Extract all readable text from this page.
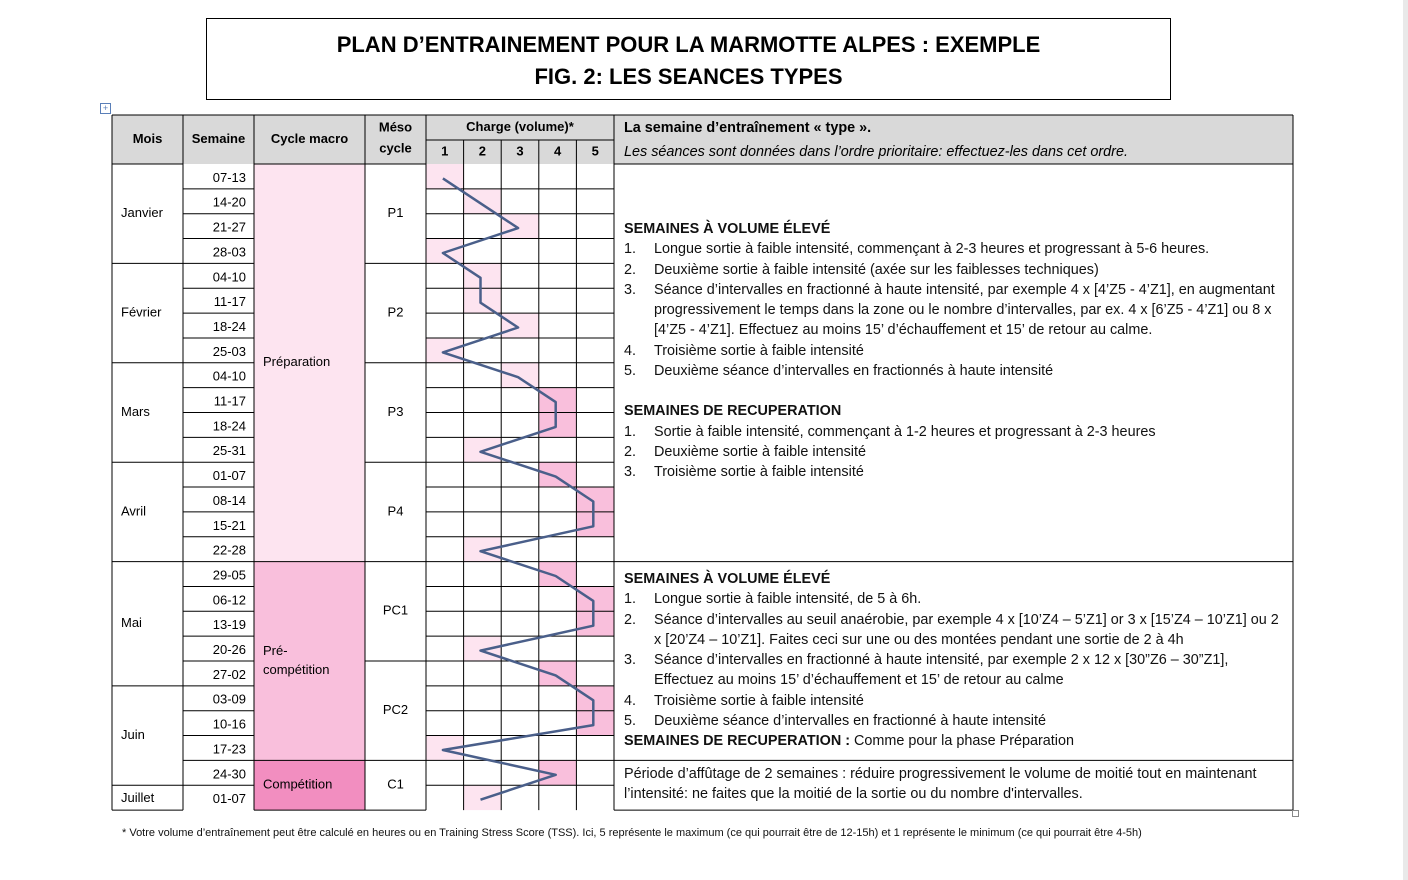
PLAN D’ENTRAINEMENT POUR LA MARMOTTE ALPES : EXEMPLE
FIG. 2: LES SEANCES TYPES
+
Mois Semaine Cycle macro
Méso
cycle
Charge (volume)*
1 2 3 4 5
07-13
14-20
21-27
28-03
04-10
11-17
18-24
25-03
04-10
11-17
18-24
25-31
01-07
08-14
15-21
22-28
29-05
06-12
13-19
20-26
27-02
03-09
10-16
17-23
24-30
01-07
Janvier
Février
Mars
Avril
Mai
Juin
Juillet
Préparation
Pré-
compétition
Compétition
P1
P2
P3
P4
PC1
PC2
C1
La semaine d’entraînement « type ».
Les séances sont données dans l’ordre prioritaire: effectuez-les dans cet ordre.
SEMAINES À VOLUME ÉLEVÉ
1. Longue sortie à faible intensité, commençant à 2-3 heures et progressant à 5-6 heures.
2. Deuxième sortie à faible intensité (axée sur les faiblesses techniques)
3. Séance d’intervalles en fractionné à haute intensité, par exemple 4 x [4’Z5 - 4’Z1], en augmentant progressivement le temps dans la zone ou le nombre d’intervalles, par ex. 4 x [6’Z5 - 4’Z1] ou 8 x [4’Z5 - 4’Z1]. Effectuez au moins 15’ d’échauffement et 15’ de retour au calme.
4. Troisième sortie à faible intensité
5. Deuxième séance d’intervalles en fractionnés à haute intensité
SEMAINES DE RECUPERATION
1. Sortie à faible intensité, commençant à 1-2 heures et progressant à 2-3 heures
2. Deuxième sortie à faible intensité
3. Troisième sortie à faible intensité
SEMAINES À VOLUME ÉLEVÉ
1. Longue sortie à faible intensité, de 5 à 6h.
2. Séance d’intervalles au seuil anaérobie, par exemple 4 x [10’Z4 – 5’Z1] or 3 x [15’Z4 – 10’Z1] ou 2 x [20’Z4 – 10’Z1]. Faites ceci sur une ou des montées pendant une sortie de 2 à 4h
3. Séance d’intervalles en fractionné à haute intensité, par exemple 2 x 12 x [30”Z6 – 30”Z1], Effectuez au moins 15’ d’échauffement et 15’ de retour au calme
4. Troisième sortie à faible intensité
5. Deuxième séance d’intervalles en fractionné à haute intensité
SEMAINES DE RECUPERATION : Comme pour la phase Préparation
Période d’affûtage de 2 semaines : réduire progressivement le volume de moitié tout en maintenant l’intensité: ne faites que la moitié de la sortie ou du nombre d'intervalles.
* Votre volume d’entraînement peut être calculé en heures ou en Training Stress Score (TSS). Ici, 5 représente le maximum (ce qui pourrait être de 12-15h) et 1 représente le minimum (ce qui pourrait être 4-5h)
